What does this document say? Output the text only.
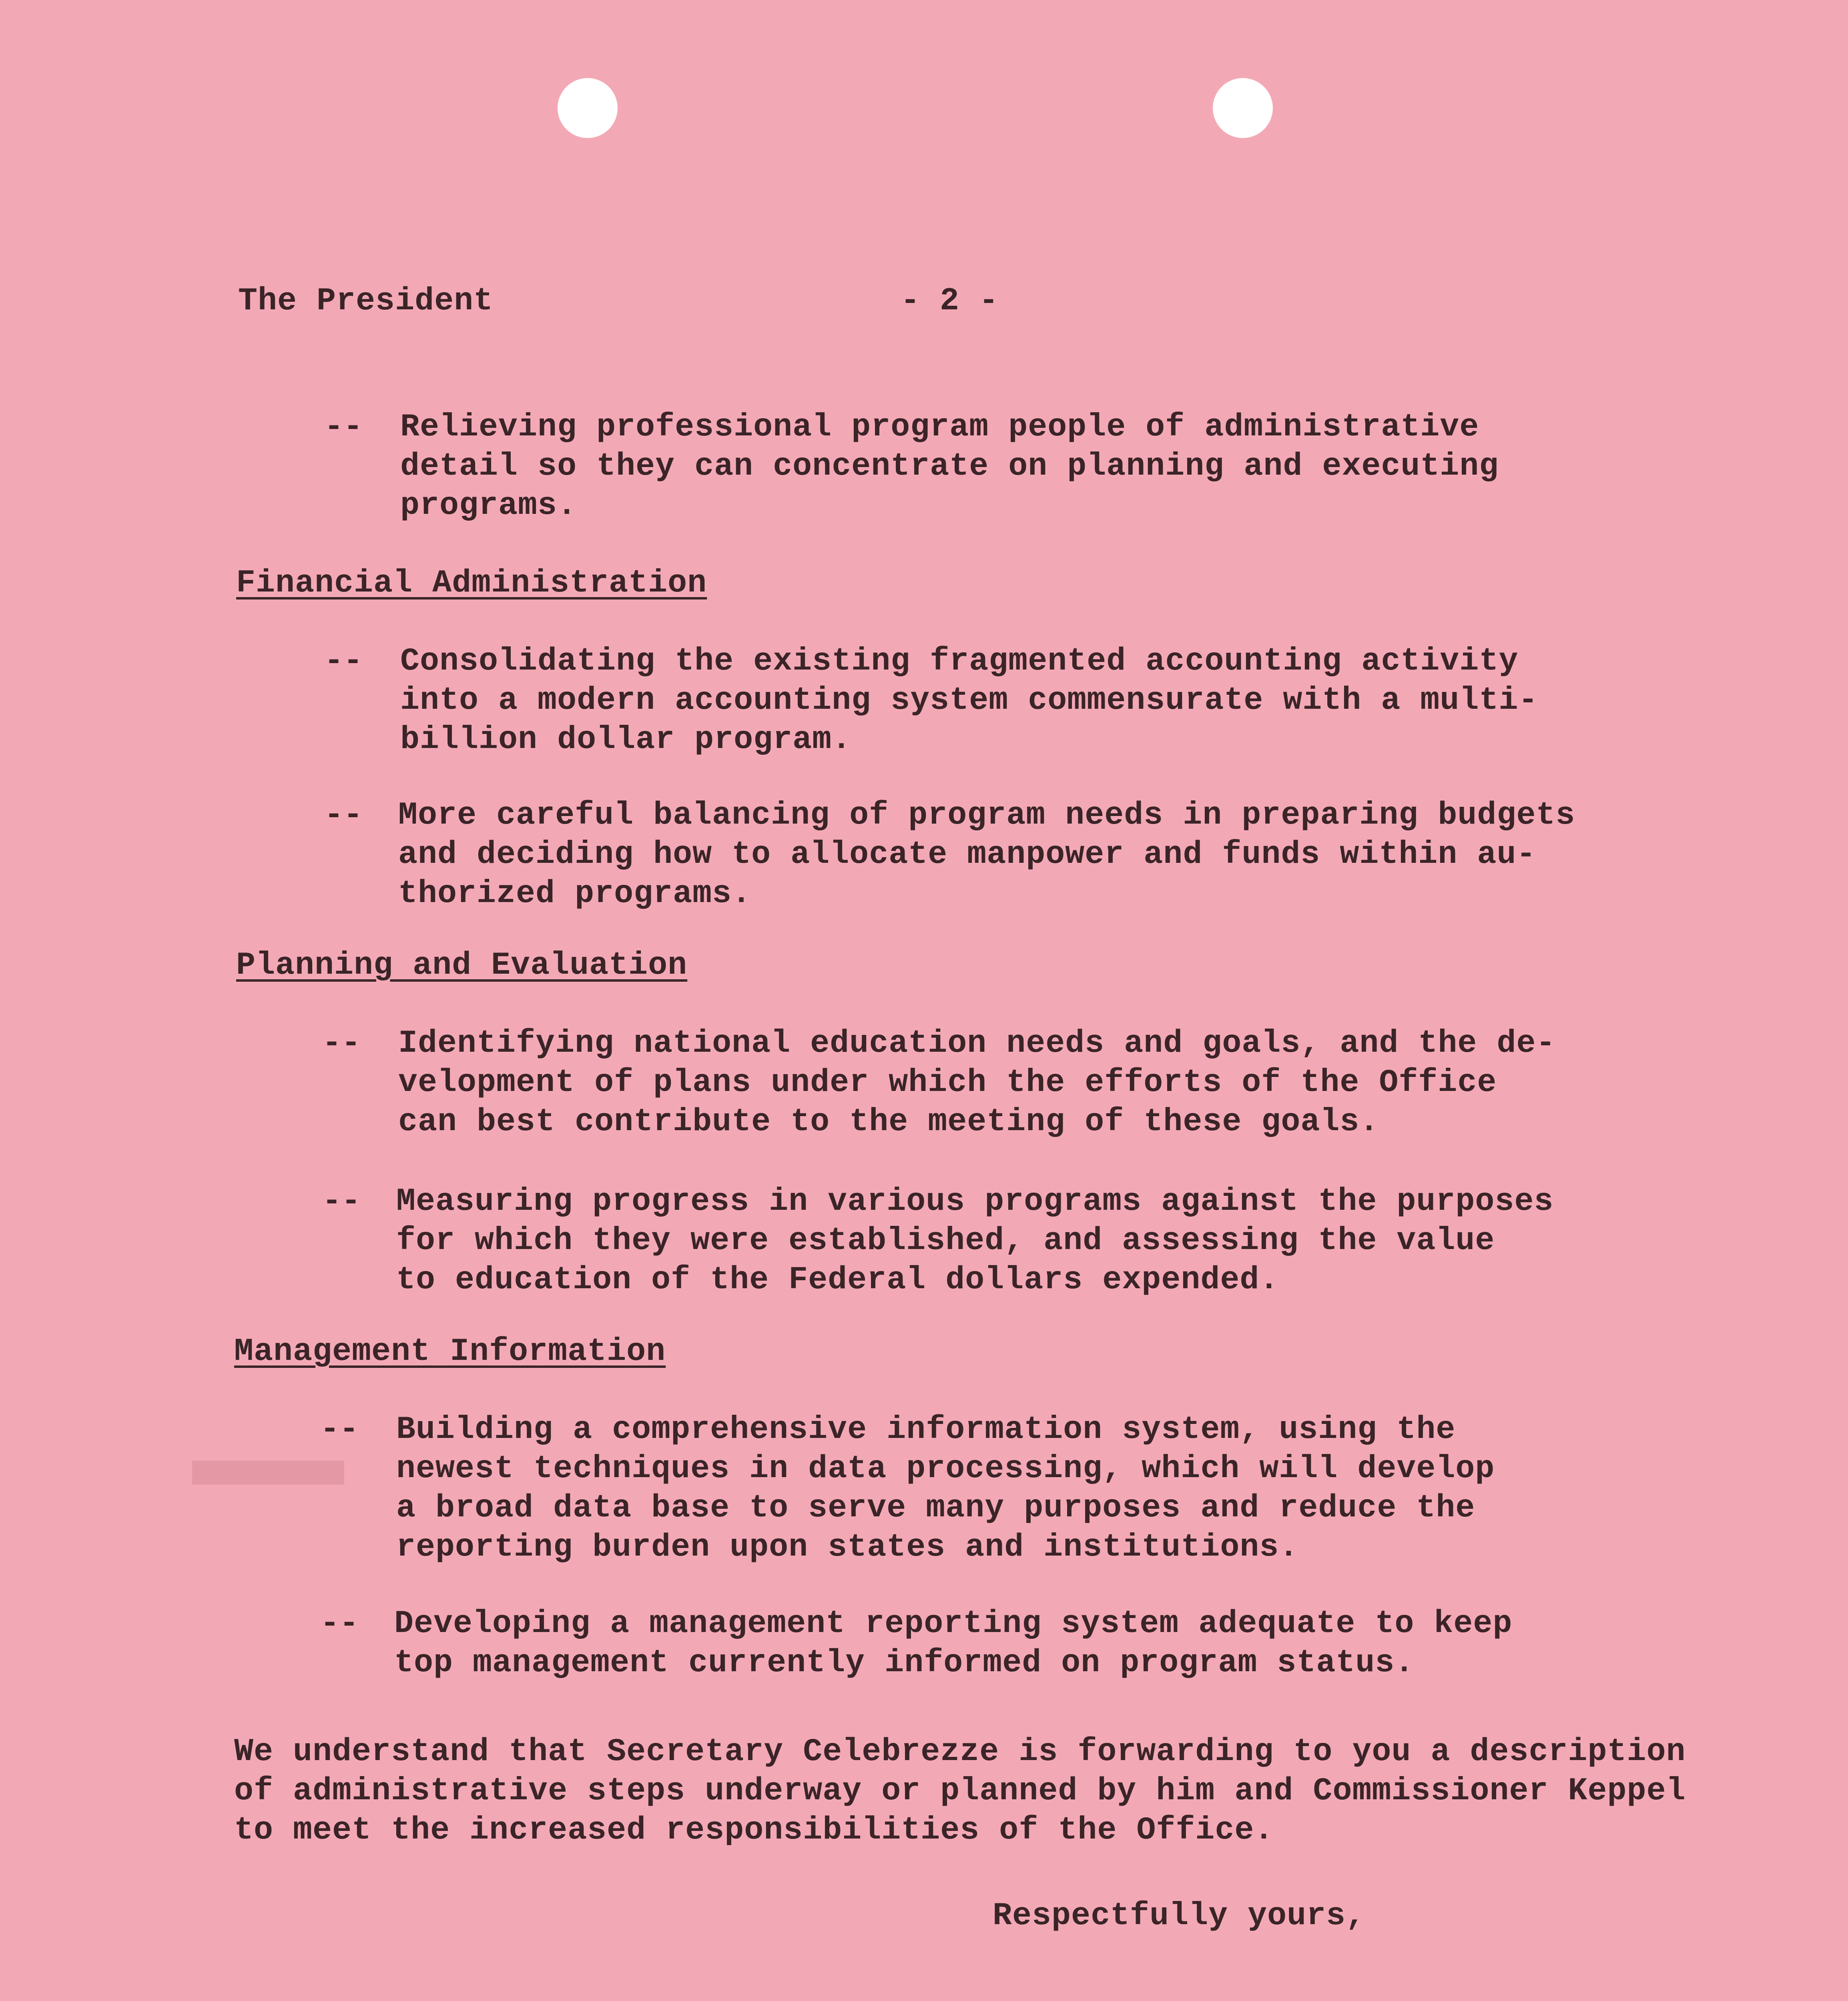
The President	- 2 -
-- Relieving professional program people of administrative
detail so they can concentrate on planning and executing
programs.
Financial Administration
-- Consolidating the existing fragmented accounting activity
into a modern accounting system commensurate with a multi-
billion dollar program.
-- More careful balancing of program needs in preparing budgets
and deciding how to allocate manpower and funds within au-
thorized programs.
Planning and Evaluation
-- Identifying national education needs and goals, and the de-
velopment of plans under which the efforts of the Office
can best contribute to the meeting of these goals.
-- Measuring progress in various programs against the purposes
for which they were established, and assessing the value
to education of the Federal dollars expended.
Management Information
-- Building a comprehensive information system, using the
newest techniques in data processing, which will develop
a broad data base to serve many purposes and reduce the
reporting burden upon states and institutions.
-- Developing a management reporting system adequate to keep
top management currently informed on program status.
We understand that Secretary Celebrezze is forwarding to you a description
of administrative steps underway or planned by him and Commissioner Keppel
to meet the increased responsibilities of the Office.
Respectfully yours,
